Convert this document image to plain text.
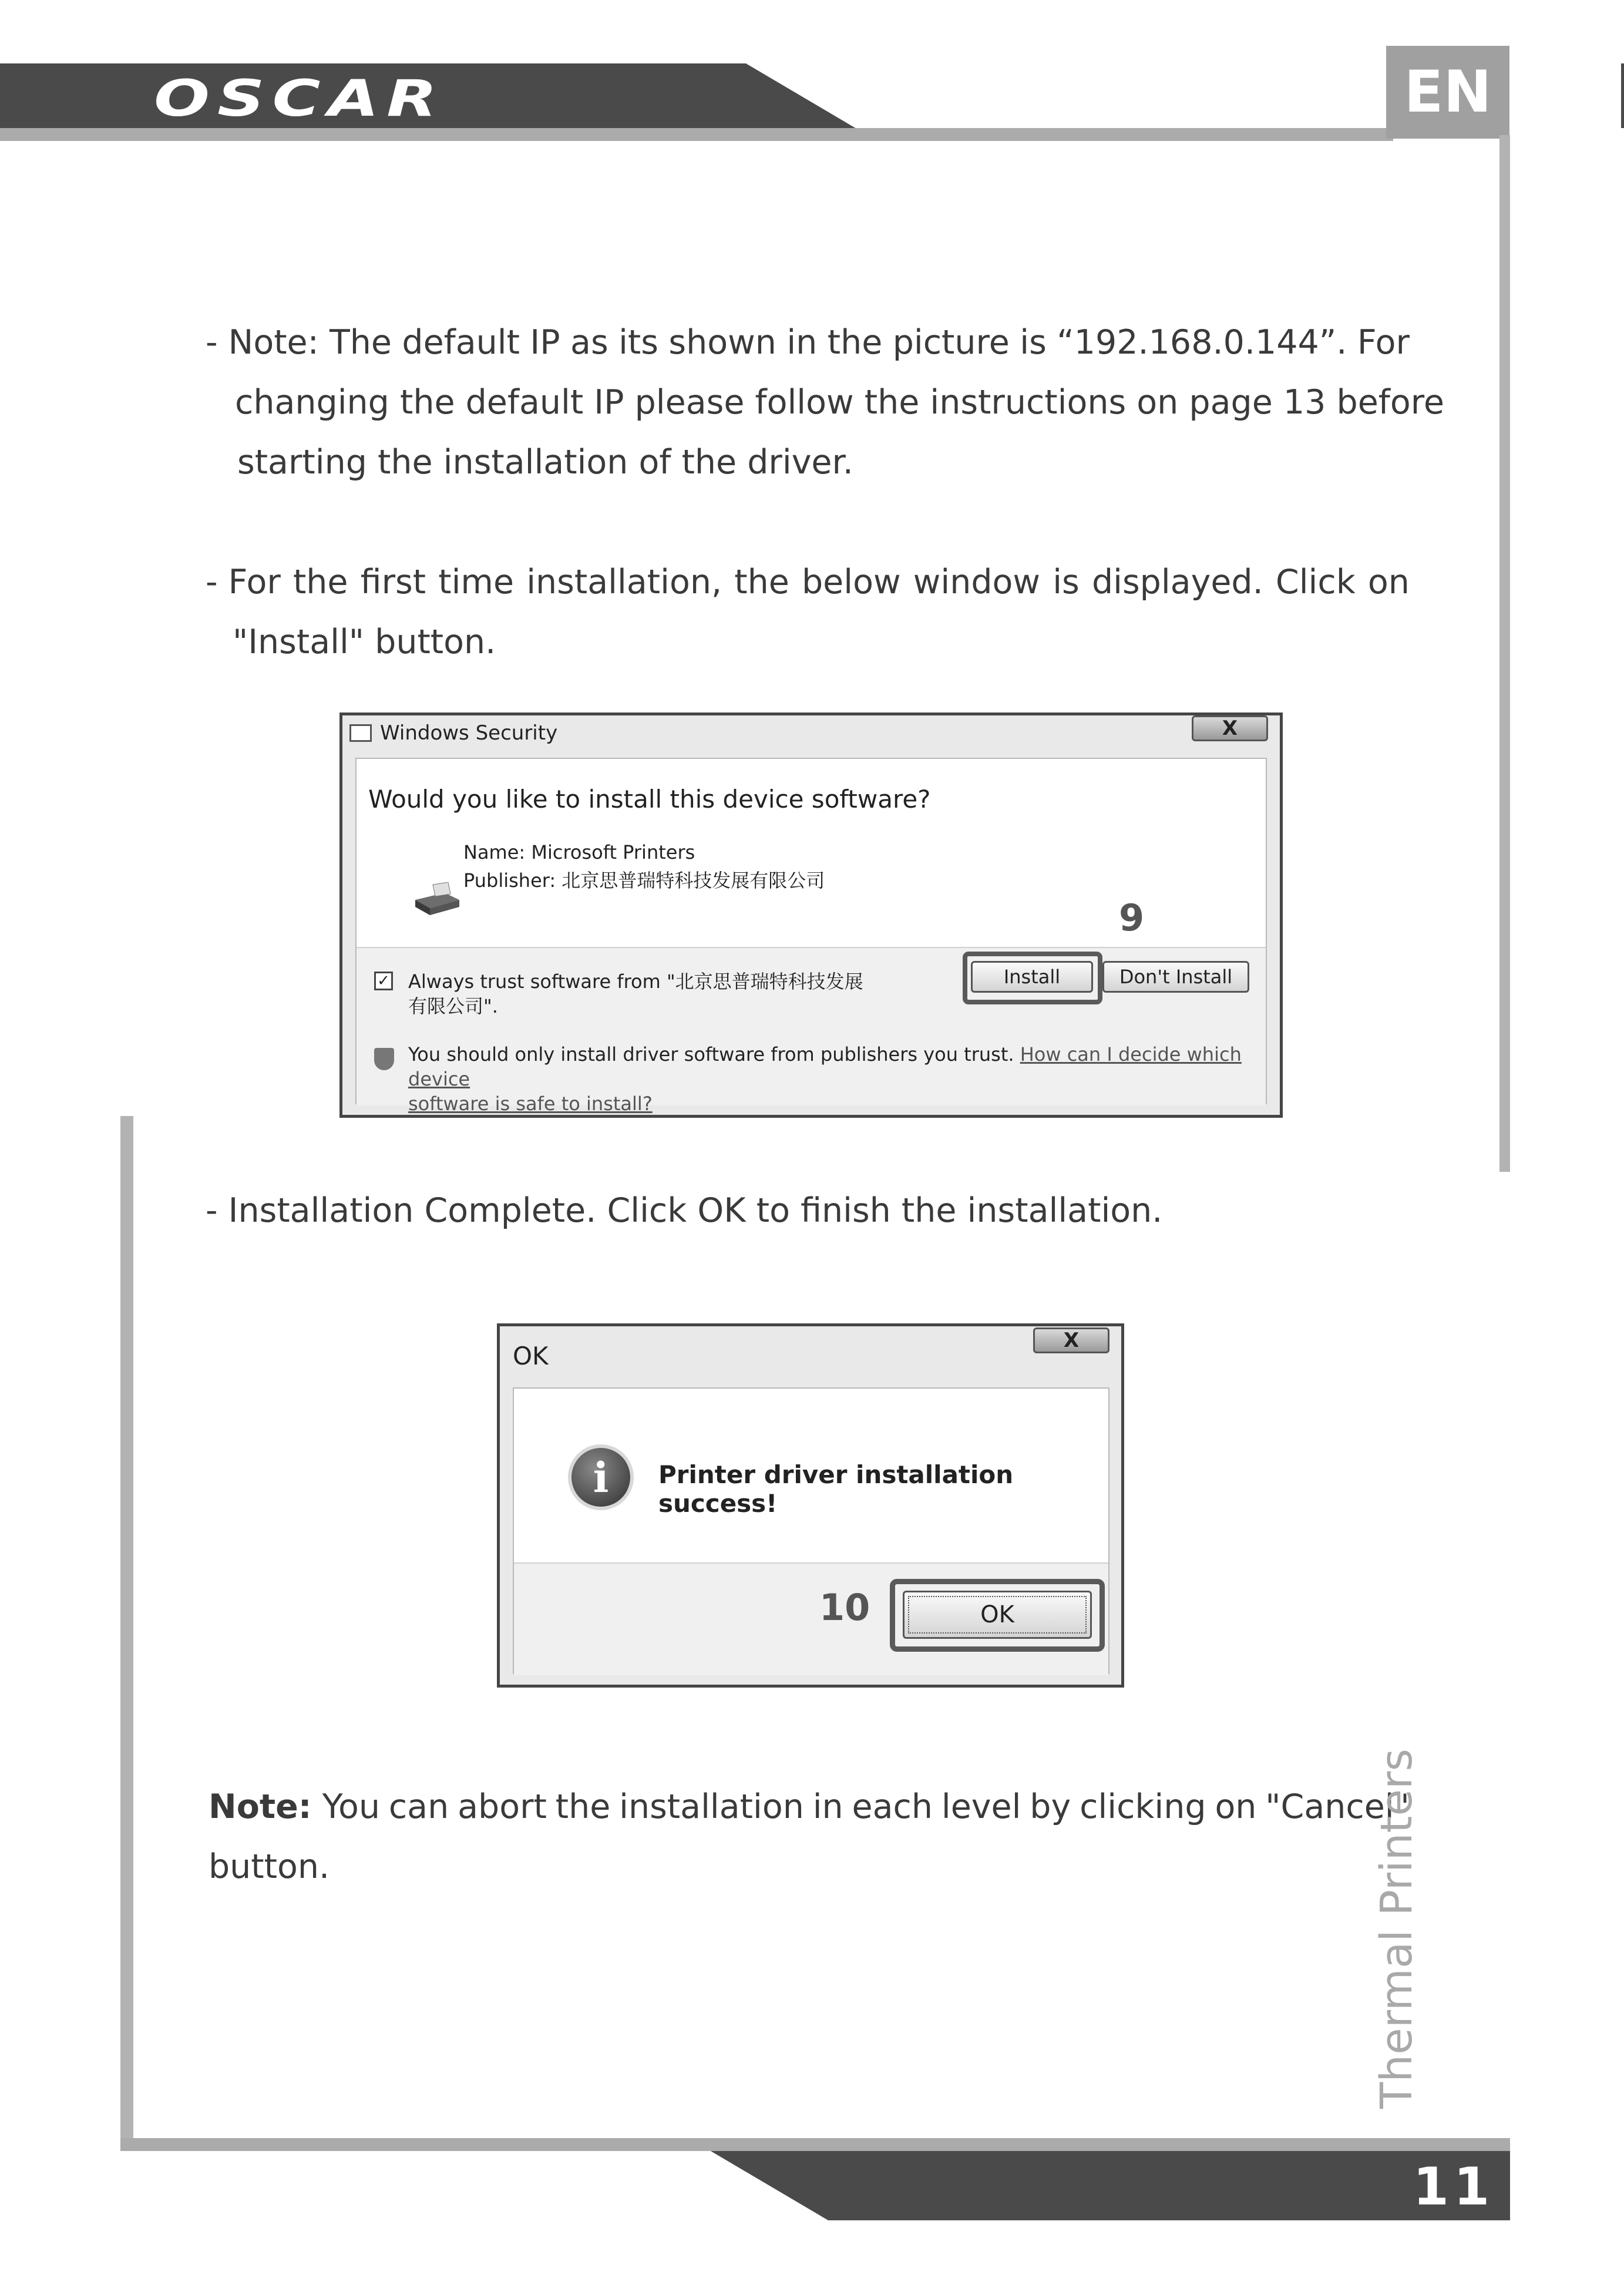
OSCAR	EN
- Note: The default IP as its shown in the picture is “192.168.0.144”. For
changing the default IP please follow the instructions on page 13 before
starting the installation of the driver.
- For the first time installation, the below window is displayed. Click on
"Install" button.
Windows Security	X
Would you like to install this device software?
Name: Microsoft Printers
Publisher: 北京思普瑞特科技发展有限公司
9
✓ Always trust software from "北京思普瑞特科技发展
有限公司".
Install	Don't Install
You should only install driver software from publishers you trust. How can I decide which device
software is safe to install?
- Installation Complete. Click OK to finish the installation.
OK
X
i	Printer driver installation success!
10	OK
Note: You can abort the installation in each level by clicking on "Cancel"
button.	Thermal Printers
11
